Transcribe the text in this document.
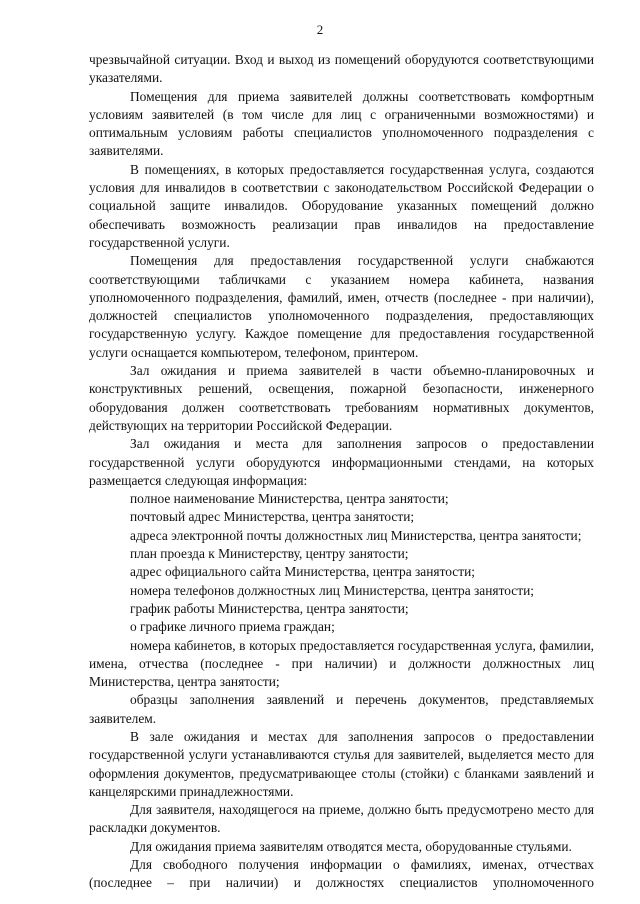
2

чрезвычайной ситуации. Вход и выход из помещений оборудуются соответствующими указателями.

Помещения для приема заявителей должны соответствовать комфортным условиям заявителей (в том числе для лиц с ограниченными возможностями) и оптимальным условиям работы специалистов уполномоченного подразделения с заявителями.

В помещениях, в которых предоставляется государственная услуга, создаются условия для инвалидов в соответствии с законодательством Российской Федерации о социальной защите инвалидов. Оборудование указанных помещений должно обеспечивать возможность реализации прав инвалидов на предоставление государственной услуги.

Помещения для предоставления государственной услуги снабжаются соответствующими табличками с указанием номера кабинета, названия уполномоченного подразделения, фамилий, имен, отчеств (последнее - при наличии), должностей специалистов уполномоченного подразделения, предоставляющих государственную услугу. Каждое помещение для предоставления государственной услуги оснащается компьютером, телефоном, принтером.

Зал ожидания и приема заявителей в части объемно-планировочных и конструктивных решений, освещения, пожарной безопасности, инженерного оборудования должен соответствовать требованиям нормативных документов, действующих на территории Российской Федерации.

Зал ожидания и места для заполнения запросов о предоставлении государственной услуги оборудуются информационными стендами, на которых размещается следующая информация:

полное наименование Министерства, центра занятости;

почтовый адрес Министерства, центра занятости;

адреса электронной почты должностных лиц Министерства, центра занятости;

план проезда к Министерству, центру занятости;

адрес официального сайта Министерства, центра занятости;

номера телефонов должностных лиц Министерства, центра занятости;

график работы Министерства, центра занятости;

о графике личного приема граждан;

номера кабинетов, в которых предоставляется государственная услуга, фамилии, имена, отчества (последнее - при наличии) и должности должностных лиц Министерства, центра занятости;

образцы заполнения заявлений и перечень документов, представляемых заявителем.

В зале ожидания и местах для заполнения запросов о предоставлении государственной услуги устанавливаются стулья для заявителей, выделяется место для оформления документов, предусматривающее столы (стойки) с бланками заявлений и канцелярскими принадлежностями.

Для заявителя, находящегося на приеме, должно быть предусмотрено место для раскладки документов.

Для ожидания приема заявителям отводятся места, оборудованные стульями.

Для свободного получения информации о фамилиях, именах, отчествах (последнее – при наличии) и должностях специалистов уполномоченного
